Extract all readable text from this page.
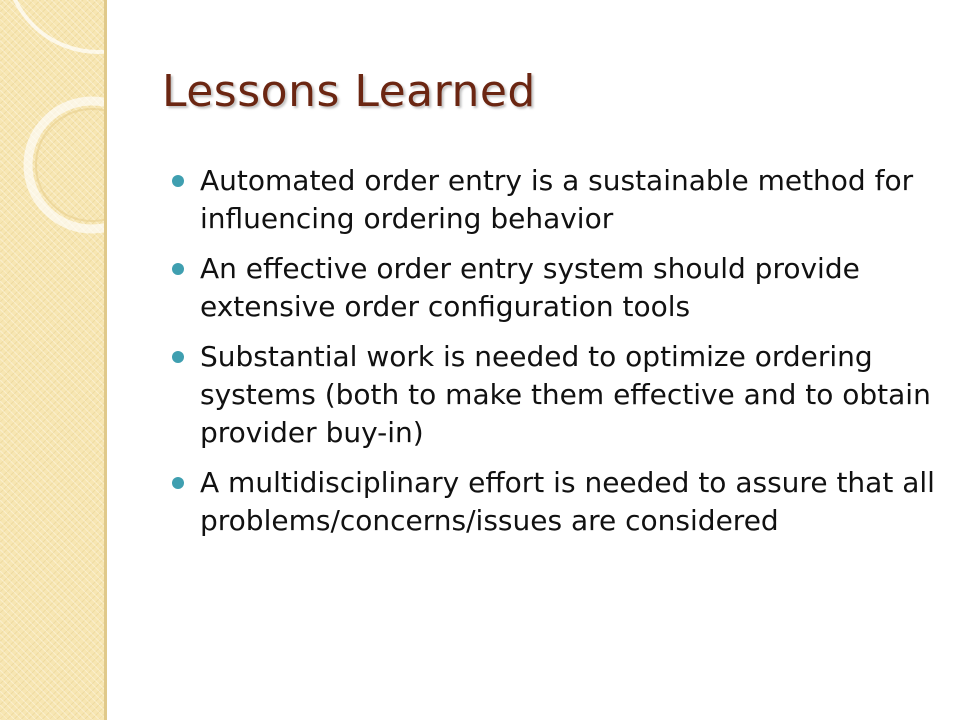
Lessons Learned
Automated order entry is a sustainable method for influencing ordering behavior
An effective order entry system should provide extensive order configuration tools
Substantial work is needed to optimize ordering systems (both to make them effective and to obtain provider buy-in)
A multidisciplinary effort is needed to assure that all problems/concerns/issues are considered
